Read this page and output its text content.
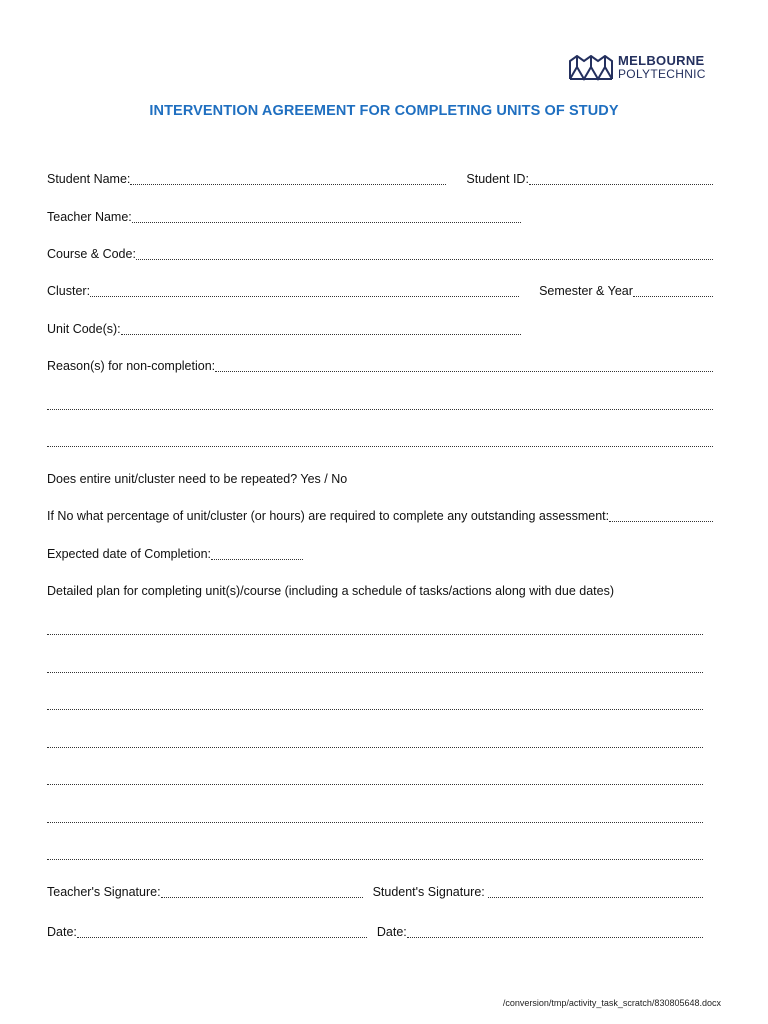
MELBOURNE
POLYTECHNIC
INTERVENTION AGREEMENT FOR COMPLETING UNITS OF STUDY
Student Name:	Student ID:
Teacher Name:
Course & Code:
Cluster:	Semester & Year
Unit Code(s):
Reason(s) for non-completion:
Does entire unit/cluster need to be repeated? Yes / No
If No what percentage of unit/cluster (or hours) are required to complete any outstanding assessment:
Expected date of Completion:
Detailed plan for completing unit(s)/course (including a schedule of tasks/actions along with due dates)
Teacher's Signature:	Student's Signature:
Date:	Date:
/conversion/tmp/activity_task_scratch/830805648.docx
